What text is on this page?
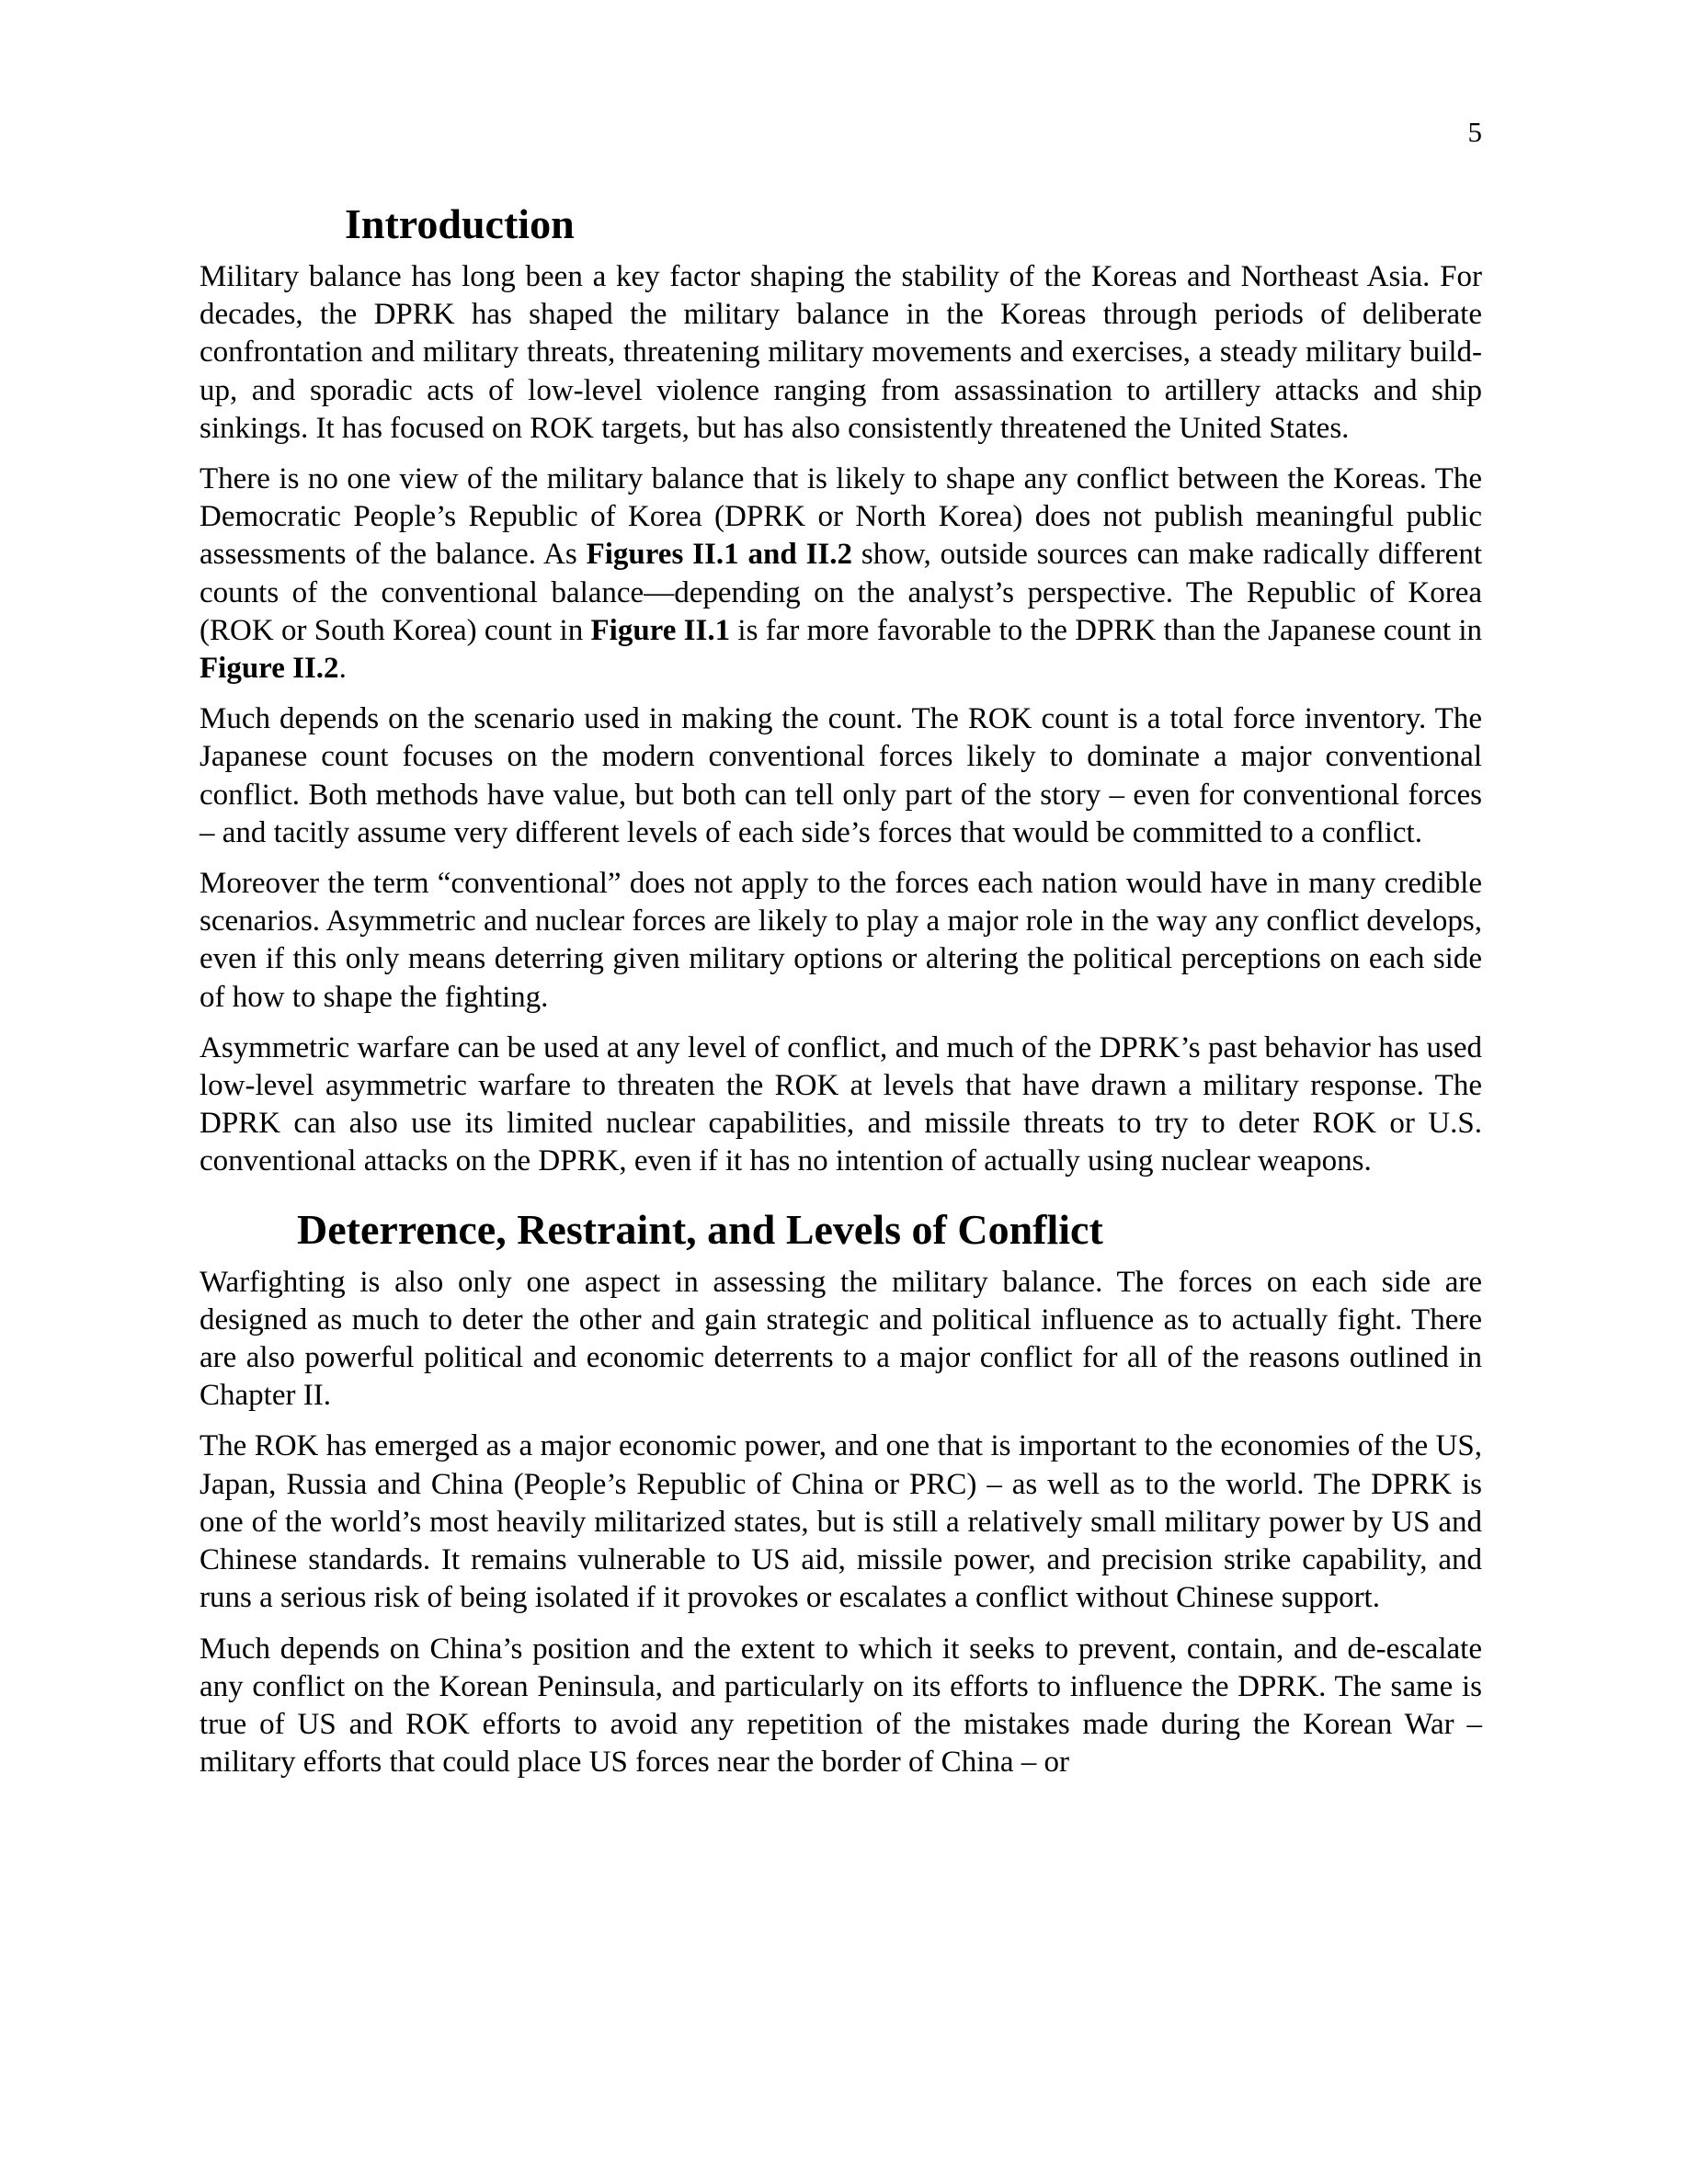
5
Introduction

Military balance has long been a key factor shaping the stability of the Koreas and Northeast Asia. For decades, the DPRK has shaped the military balance in the Koreas through periods of deliberate confrontation and military threats, threatening military movements and exercises, a steady military build-up, and sporadic acts of low-level violence ranging from assassination to artillery attacks and ship sinkings. It has focused on ROK targets, but has also consistently threatened the United States.

There is no one view of the military balance that is likely to shape any conflict between the Koreas. The Democratic People’s Republic of Korea (DPRK or North Korea) does not publish meaningful public assessments of the balance. As Figures II.1 and II.2 show, outside sources can make radically different counts of the conventional balance—depending on the analyst’s perspective. The Republic of Korea (ROK or South Korea) count in Figure II.1 is far more favorable to the DPRK than the Japanese count in Figure II.2.

Much depends on the scenario used in making the count. The ROK count is a total force inventory. The Japanese count focuses on the modern conventional forces likely to dominate a major conventional conflict. Both methods have value, but both can tell only part of the story – even for conventional forces – and tacitly assume very different levels of each side’s forces that would be committed to a conflict.

Moreover the term “conventional” does not apply to the forces each nation would have in many credible scenarios. Asymmetric and nuclear forces are likely to play a major role in the way any conflict develops, even if this only means deterring given military options or altering the political perceptions on each side of how to shape the fighting.

Asymmetric warfare can be used at any level of conflict, and much of the DPRK’s past behavior has used low-level asymmetric warfare to threaten the ROK at levels that have drawn a military response. The DPRK can also use its limited nuclear capabilities, and missile threats to try to deter ROK or U.S. conventional attacks on the DPRK, even if it has no intention of actually using nuclear weapons.

Deterrence, Restraint, and Levels of Conflict

Warfighting is also only one aspect in assessing the military balance. The forces on each side are designed as much to deter the other and gain strategic and political influence as to actually fight. There are also powerful political and economic deterrents to a major conflict for all of the reasons outlined in Chapter II.

The ROK has emerged as a major economic power, and one that is important to the economies of the US, Japan, Russia and China (People’s Republic of China or PRC) – as well as to the world. The DPRK is one of the world’s most heavily militarized states, but is still a relatively small military power by US and Chinese standards. It remains vulnerable to US aid, missile power, and precision strike capability, and runs a serious risk of being isolated if it provokes or escalates a conflict without Chinese support.

Much depends on China’s position and the extent to which it seeks to prevent, contain, and de-escalate any conflict on the Korean Peninsula, and particularly on its efforts to influence the DPRK. The same is true of US and ROK efforts to avoid any repetition of the mistakes made during the Korean War – military efforts that could place US forces near the border of China – or
